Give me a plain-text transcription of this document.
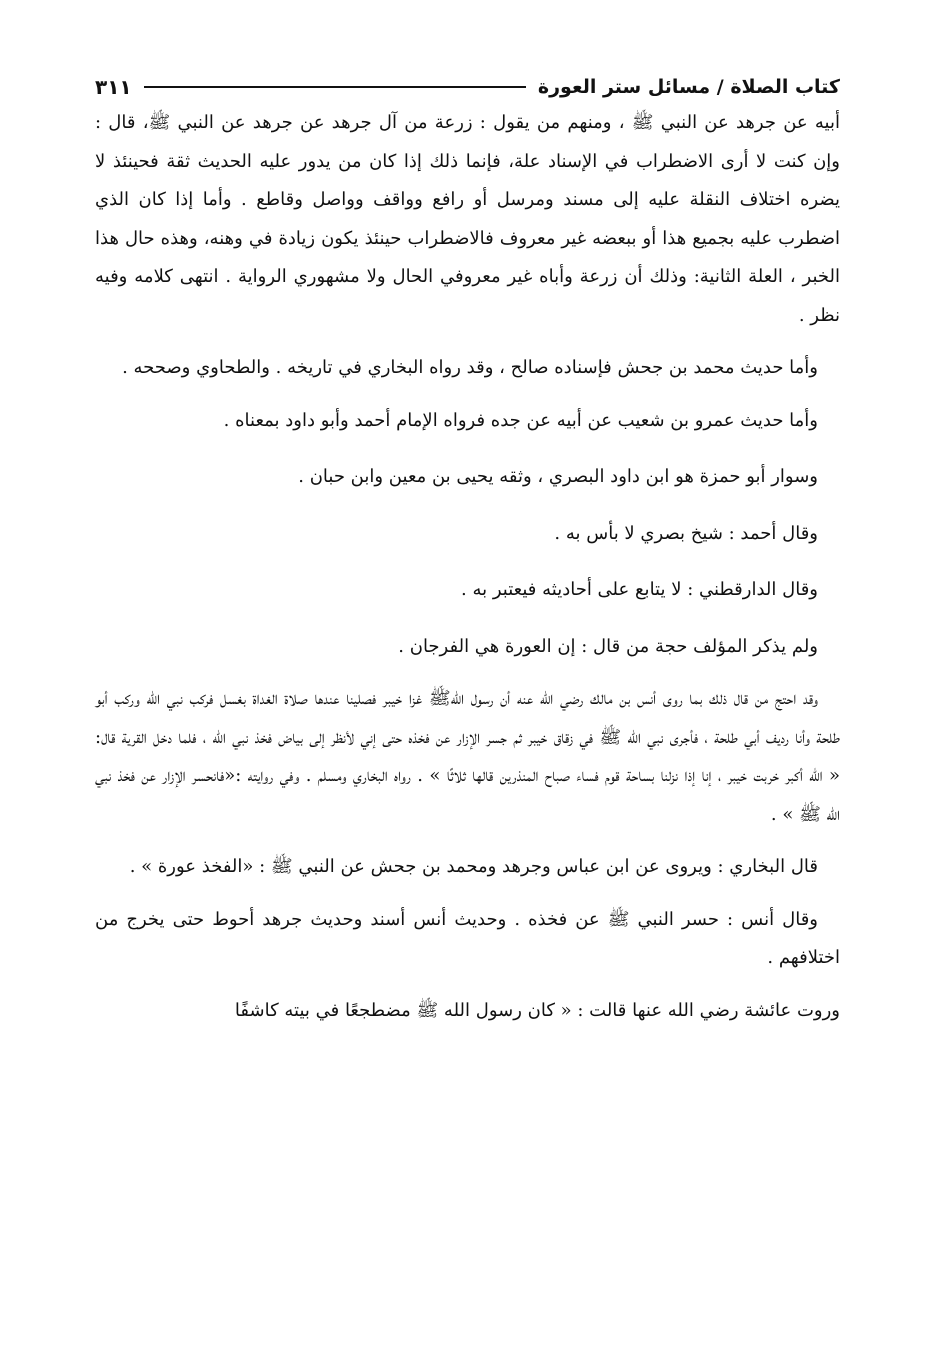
كتاب الصلاة / مسائل ستر العورة
٣١١

أبيه عن جرهد عن النبي ﷺ ، ومنهم من يقول : زرعة من آل جرهد عن جرهد عن النبي ﷺ، قال : وإن كنت لا أرى الاضطراب في الإسناد علة، فإنما ذلك إذا كان من يدور عليه الحديث ثقة فحينئذ لا يضره اختلاف النقلة عليه إلى مسند ومرسل أو رافع وواقف وواصل وقاطع . وأما إذا كان الذي اضطرب عليه بجميع هذا أو ببعضه غير معروف فالاضطراب حينئذ يكون زيادة في وهنه، وهذه حال هذا الخبر ، العلة الثانية: وذلك أن زرعة وأباه غير معروفي الحال ولا مشهوري الرواية . انتهى كلامه وفيه نظر .

وأما حديث محمد بن جحش فإسناده صالح ، وقد رواه البخاري في تاريخه . والطحاوي وصححه .

وأما حديث عمرو بن شعيب عن أبيه عن جده فرواه الإمام أحمد وأبو داود بمعناه .

وسوار أبو حمزة هو ابن داود البصري ، وثقه يحيى بن معين وابن حبان .

وقال أحمد : شيخ بصري لا بأس به .

وقال الدارقطني : لا يتابع على أحاديثه فيعتبر به .

ولم يذكر المؤلف حجة من قال : إن العورة هي الفرجان .

وقد احتج من قال ذلك بما روى أنس بن مالك رضي الله عنه أن رسول اللهﷺ غزا خيبر فصلينا عندها صلاة الغداة بغسل فركب نبي الله وركب أبو طلحة وأنا رديف أبي طلحة ، فأجرى نبي الله ﷺ في زقاق خيبر ثم جسر الإزار عن فخذه حتى إني لأنظر إلى بياض فخذ نبي الله ، فلما دخل القرية قال: « الله أكبر خربت خيبر ، إنا إذا نزلنا بساحة قوم فساء صباح المنذرين قالها ثلاثًا » . رواه البخاري ومسلم . وفي روايته :«فانحسر الإزار عن فخذ نبي الله ﷺ » .

قال البخاري : ويروى عن ابن عباس وجرهد ومحمد بن جحش عن النبي ﷺ : «الفخذ عورة » .

وقال أنس : حسر النبي ﷺ عن فخذه . وحديث أنس أسند وحديث جرهد أحوط حتى يخرج من اختلافهم .

وروت عائشة رضي الله عنها قالت : « كان رسول الله ﷺ مضطجعًا في بيته كاشفًا
